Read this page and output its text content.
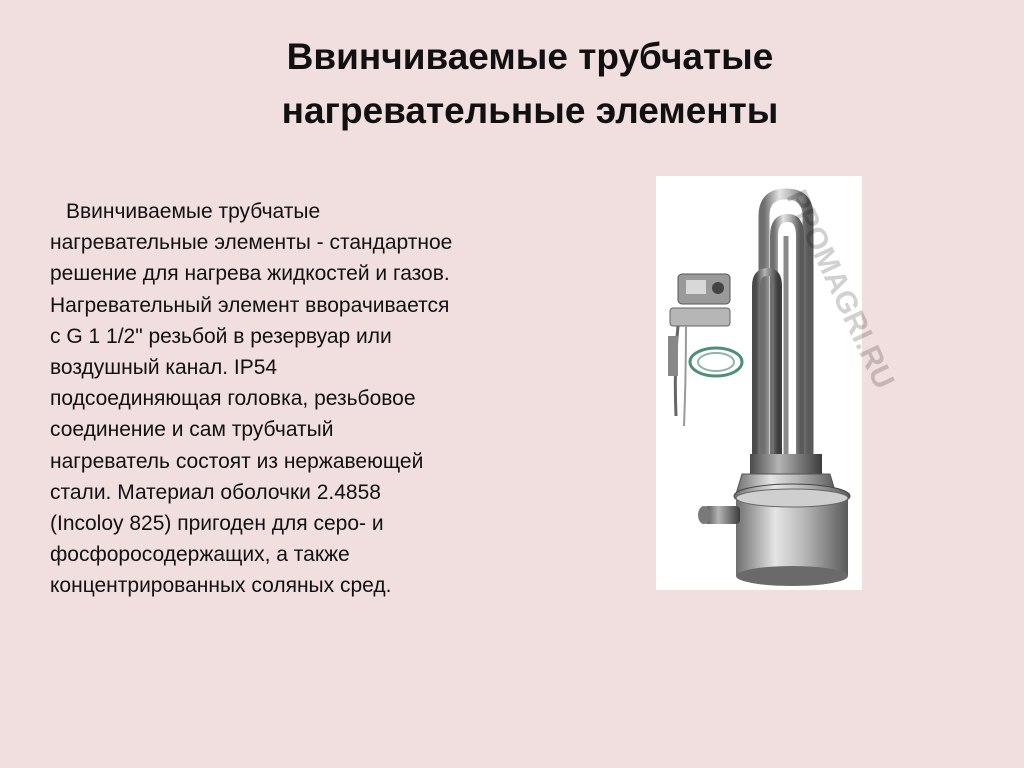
Ввинчиваемые трубчатые
нагревательные элементы
Ввинчиваемые трубчатые
нагревательные элементы - стандартное
решение для нагрева жидкостей и газов.
Нагревательный элемент вворачивается
с G 1 1/2" резьбой в резервуар или
воздушный канал. IP54
подсоединяющая головка, резьбовое
соединение и сам трубчатый
нагреватель состоят из нержавеющей
стали. Материал оболочки 2.4858
(Incoloy 825) пригоден для серо- и
фосфоросодержащих, а также
концентрированных соляных сред.
PPOMAGRI.RU
